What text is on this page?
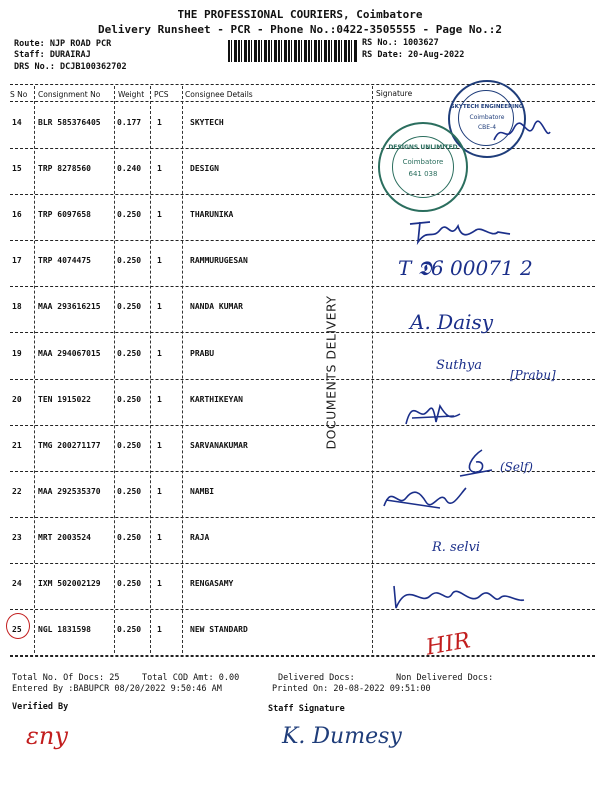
THE PROFESSIONAL COURIERS, Coimbatore
Delivery Runsheet - PCR - Phone No.:0422-3505555 - Page No.:2
Route: NJP ROAD PCR
Staff: DURAIRAJ
DRS No.: DCJB100362702
RS No.: 1003627
RS Date: 20-Aug-2022
S No Consignment No Weight PCS Consignee Details	Signature
14 BLR 585376405 0.177 1	SKYTECH
15 TRP 8278560	0.240 1	DESIGN
16 TRP 6097658	0.250 1	THARUNIKA
17 TRP 4074475	0.250 1	RAMMURUGESAN
18 MAA 293616215 0.250 1	NANDA KUMAR
19 MAA 294067015 0.250 1	PRABU
20 TEN 1915022	0.250 1	KARTHIKEYAN
21 TMG 200271177 0.250 1	SARVANAKUMAR
22 MAA 292535370 0.250 1	NAMBI
23 MRT 2003524	0.250 1	RAJA
24 IXM 502002129 0.250 1	RENGASAMY
25 NGL 1831598	0.250 1	NEW STANDARD
DOCUMENTS DELIVERY
SKYTECH ENGINEERING
Coimbatore
CBE-4
DESIGNS UNLIMITED
Coimbatore
641 038
T 𝕯6 00071 2
A. Daisy
Suthya
[Prabu]
(Self)
R. selvi
HIR
Total No. Of Docs: 25	Total COD Amt: 0.00	Delivered Docs:	Non Delivered Docs:
Entered By :BABUPCR 08/20/2022 9:50:46 AM	Printed On: 20-08-2022 09:51:00
Verified By	Staff Signature
ɛny	K. Dumesy
